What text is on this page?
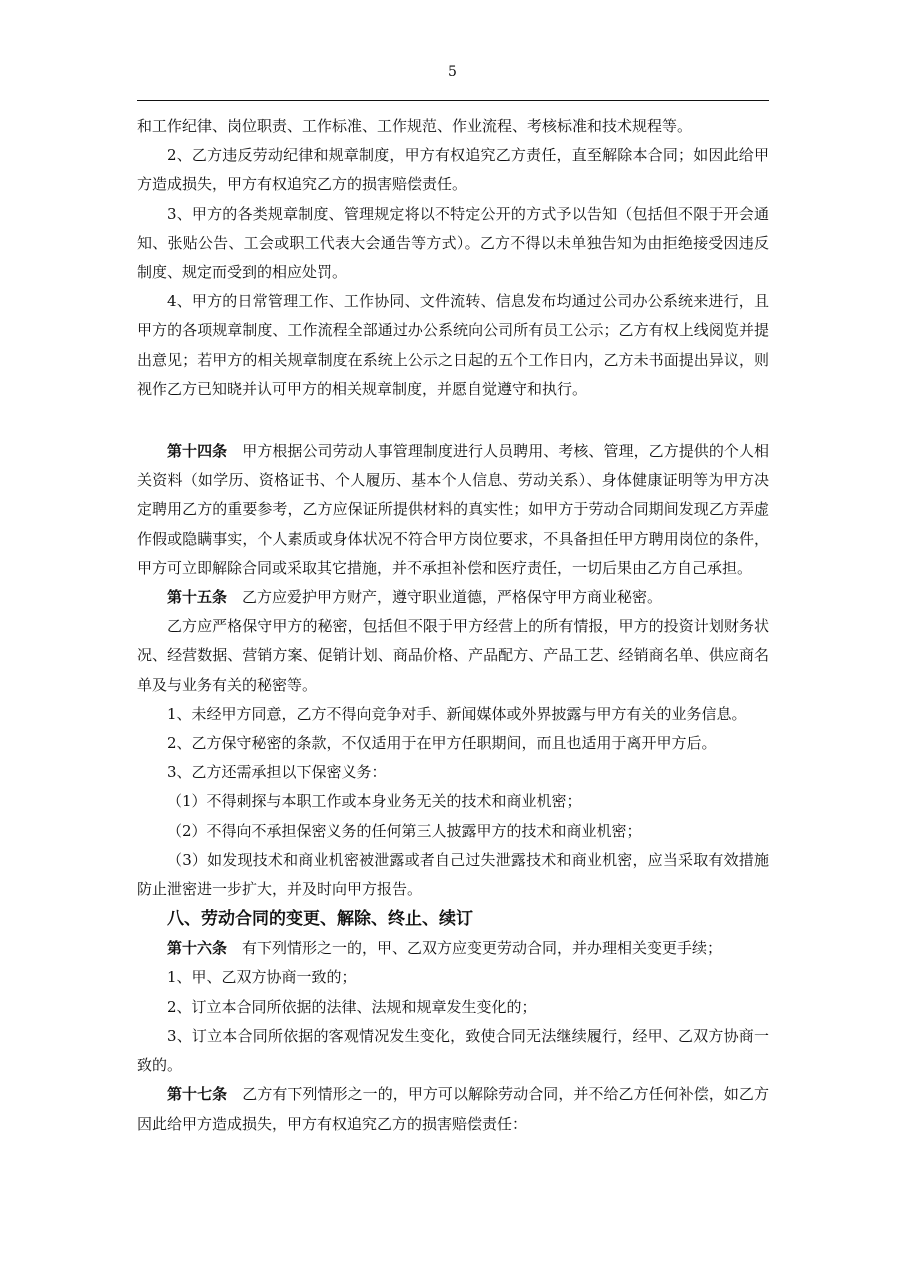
5

和工作纪律、岗位职责、工作标准、工作规范、作业流程、考核标准和技术规程等。

2、乙方违反劳动纪律和规章制度，甲方有权追究乙方责任，直至解除本合同；如因此给甲方造成损失，甲方有权追究乙方的损害赔偿责任。

3、甲方的各类规章制度、管理规定将以不特定公开的方式予以告知（包括但不限于开会通知、张贴公告、工会或职工代表大会通告等方式）。乙方不得以未单独告知为由拒绝接受因违反制度、规定而受到的相应处罚。

4、甲方的日常管理工作、工作协同、文件流转、信息发布均通过公司办公系统来进行，且甲方的各项规章制度、工作流程全部通过办公系统向公司所有员工公示；乙方有权上线阅览并提出意见；若甲方的相关规章制度在系统上公示之日起的五个工作日内，乙方未书面提出异议，则视作乙方已知晓并认可甲方的相关规章制度，并愿自觉遵守和执行。

第十四条　 甲方根据公司劳动人事管理制度进行人员聘用、考核、管理，乙方提供的个人相关资料（如学历、资格证书、个人履历、基本个人信息、劳动关系）、身体健康证明等为甲方决定聘用乙方的重要参考，乙方应保证所提供材料的真实性；如甲方于劳动合同期间发现乙方弄虚作假或隐瞒事实，个人素质或身体状况不符合甲方岗位要求，不具备担任甲方聘用岗位的条件，甲方可立即解除合同或采取其它措施，并不承担补偿和医疗责任，一切后果由乙方自己承担。

第十五条　 乙方应爱护甲方财产，遵守职业道德，严格保守甲方商业秘密。

乙方应严格保守甲方的秘密，包括但不限于甲方经营上的所有情报，甲方的投资计划财务状况、经营数据、营销方案、促销计划、商品价格、产品配方、产品工艺、经销商名单、供应商名单及与业务有关的秘密等。

1、未经甲方同意，乙方不得向竞争对手、新闻媒体或外界披露与甲方有关的业务信息。

2、乙方保守秘密的条款，不仅适用于在甲方任职期间，而且也适用于离开甲方后。

3、乙方还需承担以下保密义务：

（1）不得刺探与本职工作或本身业务无关的技术和商业机密；

（2）不得向不承担保密义务的任何第三人披露甲方的技术和商业机密；

（3）如发现技术和商业机密被泄露或者自己过失泄露技术和商业机密，应当采取有效措施防止泄密进一步扩大，并及时向甲方报告。

八、劳动合同的变更、解除、终止、续订

第十六条　 有下列情形之一的，甲、乙双方应变更劳动合同，并办理相关变更手续；

1、甲、乙双方协商一致的；

2、订立本合同所依据的法律、法规和规章发生变化的；

3、订立本合同所依据的客观情况发生变化，致使合同无法继续履行，经甲、乙双方协商一致的。

第十七条　 乙方有下列情形之一的，甲方可以解除劳动合同，并不给乙方任何补偿，如乙方因此给甲方造成损失，甲方有权追究乙方的损害赔偿责任：
